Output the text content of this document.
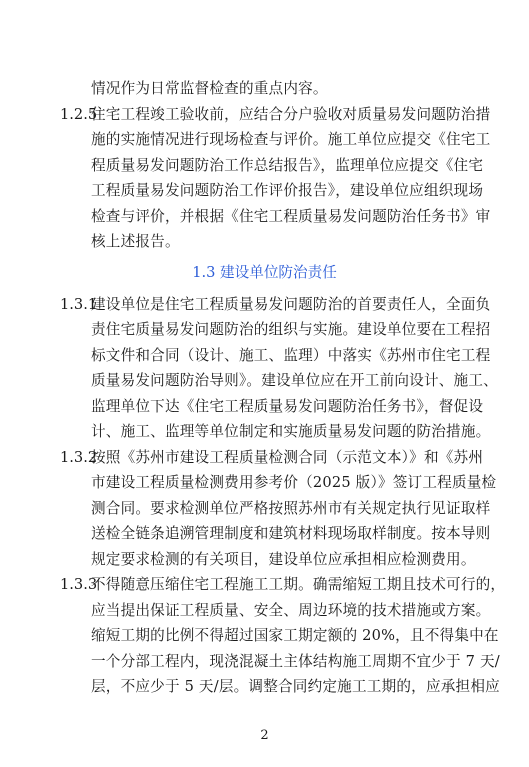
情况作为日常监督检查的重点内容。
1.2.5
住宅工程竣工验收前，应结合分户验收对质量易发问题防治措
施的实施情况进行现场检查与评价。施工单位应提交《住宅工
程质量易发问题防治工作总结报告》，监理单位应提交《住宅
工程质量易发问题防治工作评价报告》，建设单位应组织现场
检查与评价，并根据《住宅工程质量易发问题防治任务书》审
核上述报告。
1.3 建设单位防治责任
1.3.1
建设单位是住宅工程质量易发问题防治的首要责任人，全面负
责住宅质量易发问题防治的组织与实施。建设单位要在工程招
标文件和合同（设计、施工、监理）中落实《苏州市住宅工程
质量易发问题防治导则》。建设单位应在开工前向设计、施工、
监理单位下达《住宅工程质量易发问题防治任务书》，督促设
计、施工、监理等单位制定和实施质量易发问题的防治措施。
1.3.2
按照《苏州市建设工程质量检测合同（示范文本）》和《苏州
市建设工程质量检测费用参考价（2025 版）》签订工程质量检
测合同。要求检测单位严格按照苏州市有关规定执行见证取样
送检全链条追溯管理制度和建筑材料现场取样制度。按本导则
规定要求检测的有关项目，建设单位应承担相应检测费用。
1.3.3
不得随意压缩住宅工程施工工期。确需缩短工期且技术可行的，
应当提出保证工程质量、安全、周边环境的技术措施或方案。
缩短工期的比例不得超过国家工期定额的 20%，且不得集中在
一个分部工程内，现浇混凝土主体结构施工周期不宜少于 7 天/
层，不应少于 5 天/层。调整合同约定施工工期的，应承担相应
2
